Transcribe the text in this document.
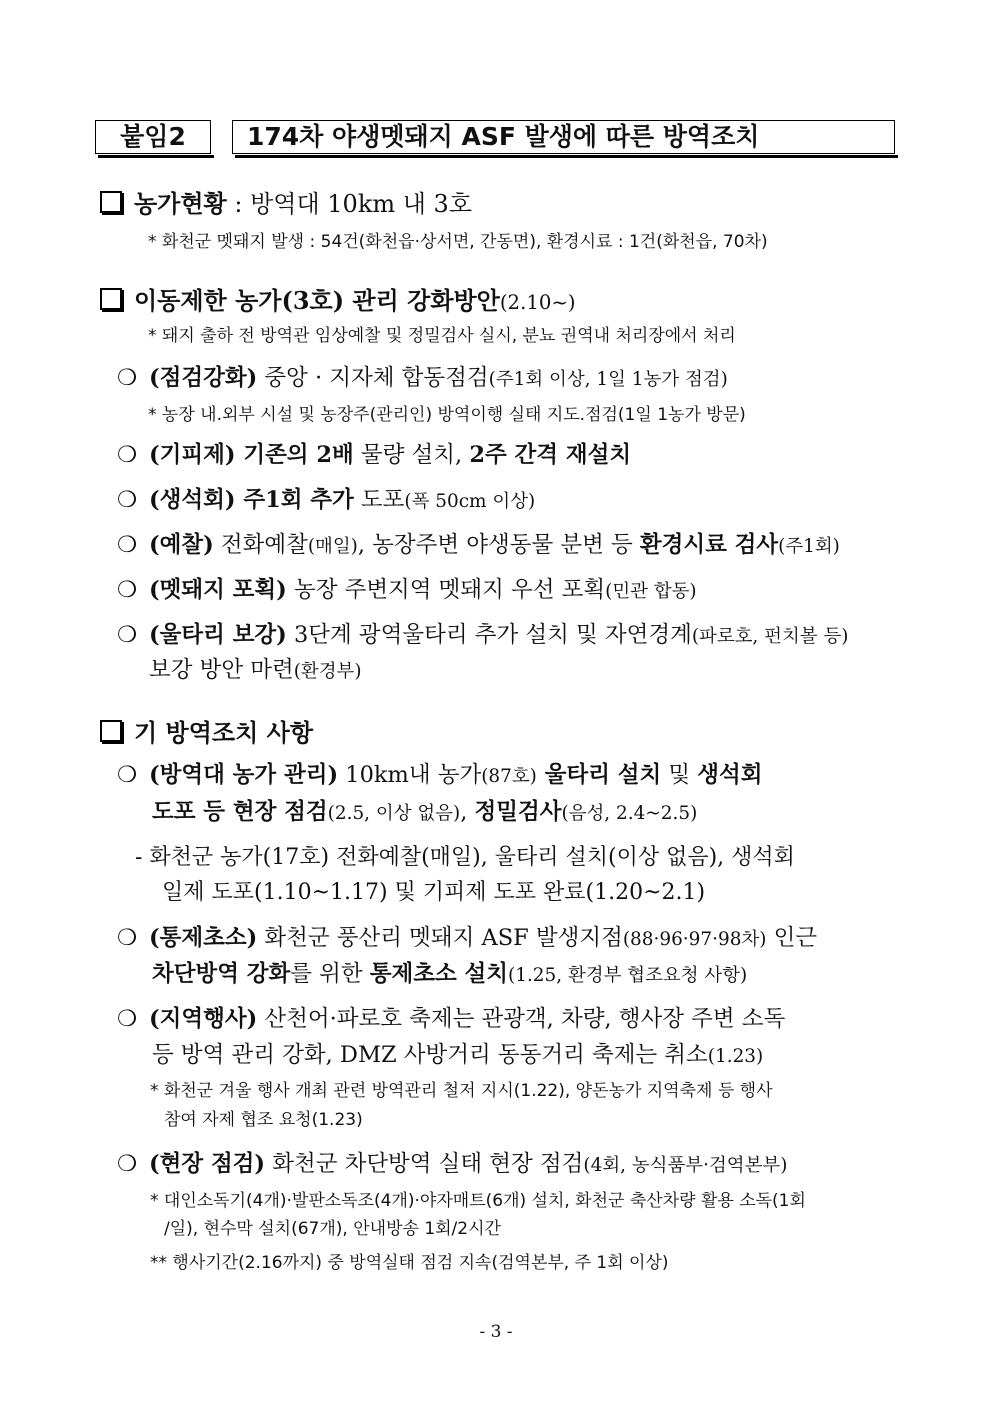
붙임2	174차 야생멧돼지 ASF 발생에 따른 방역조치
농가현황 : 방역대 10km 내 3호
* 화천군 멧돼지 발생 : 54건(화천읍·상서면, 간동면), 환경시료 : 1건(화천읍, 70차)
이동제한 농가(3호) 관리 강화방안(2.10~)
* 돼지 출하 전 방역관 임상예찰 및 정밀검사 실시, 분뇨 권역내 처리장에서 처리
❍ (점검강화) 중앙 · 지자체 합동점검(주1회 이상, 1일 1농가 점검)
* 농장 내.외부 시설 및 농장주(관리인) 방역이행 실태 지도.점검(1일 1농가 방문)
❍ (기피제) 기존의 2배 물량 설치, 2주 간격 재설치
❍ (생석회) 주1회 추가 도포(폭 50cm 이상)
❍ (예찰) 전화예찰(매일), 농장주변 야생동물 분변 등 환경시료 검사(주1회)
❍ (멧돼지 포획) 농장 주변지역 멧돼지 우선 포획(민관 합동)
❍ (울타리 보강) 3단계 광역울타리 추가 설치 및 자연경계(파로호, 펀치볼 등)
보강 방안 마련(환경부)
기 방역조치 사항
❍ (방역대 농가 관리) 10km내 농가(87호) 울타리 설치 및 생석회
도포 등 현장 점검(2.5, 이상 없음), 정밀검사(음성, 2.4~2.5)
- 화천군 농가(17호) 전화예찰(매일), 울타리 설치(이상 없음), 생석회
일제 도포(1.10~1.17) 및 기피제 도포 완료(1.20~2.1)
❍ (통제초소) 화천군 풍산리 멧돼지 ASF 발생지점(88·96·97·98차) 인근
차단방역 강화를 위한 통제초소 설치(1.25, 환경부 협조요청 사항)
❍ (지역행사) 산천어·파로호 축제는 관광객, 차량, 행사장 주변 소독
등 방역 관리 강화, DMZ 사방거리 동동거리 축제는 취소(1.23)
* 화천군 겨울 행사 개최 관련 방역관리 철저 지시(1.22), 양돈농가 지역축제 등 행사
참여 자제 협조 요청(1.23)
❍ (현장 점검) 화천군 차단방역 실태 현장 점검(4회, 농식품부·검역본부)
* 대인소독기(4개)·발판소독조(4개)·야자매트(6개) 설치, 화천군 축산차량 활용 소독(1회
/일), 현수막 설치(67개), 안내방송 1회/2시간
** 행사기간(2.16까지) 중 방역실태 점검 지속(검역본부, 주 1회 이상)
- 3 -
